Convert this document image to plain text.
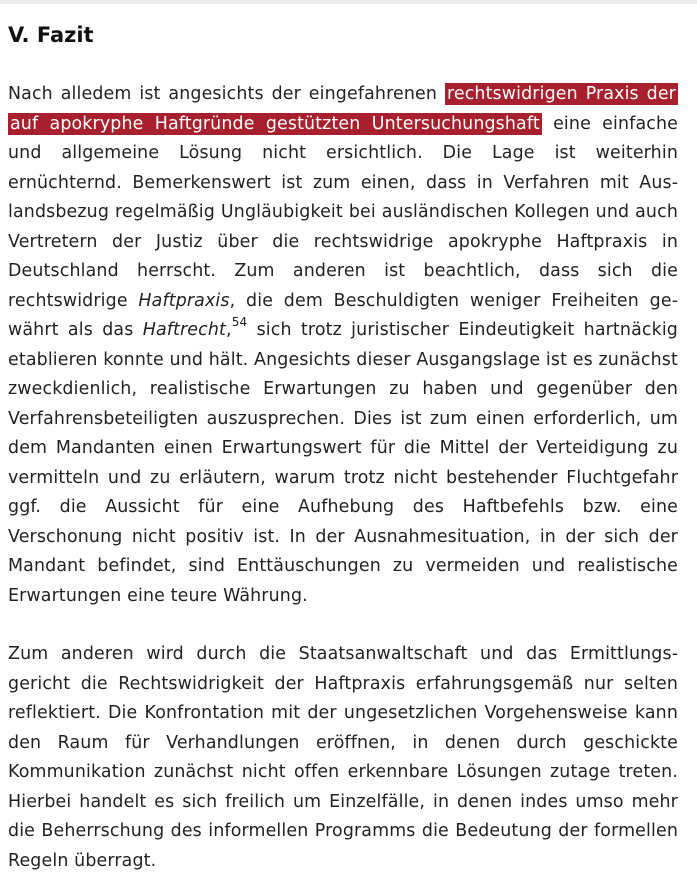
V. Fazit

Nach alledem ist angesichts der eingefahrenen rechtswidrigen Praxis der auf apokryphe Haftgründe gestützten Untersuchungshaft eine einfache und allgemeine Lösung nicht ersichtlich. Die Lage ist weiterhin ernüchternd. Bemerkenswert ist zum einen, dass in Verfahren mit Auslandsbezug regelmäßig Ungläubigkeit bei ausländischen Kollegen und auch Vertretern der Justiz über die rechtswidrige apokryphe Haftpraxis in Deutschland herrscht. Zum anderen ist beachtlich, dass sich die rechtswidrige Haftpraxis, die dem Beschuldigten weniger Freiheiten gewährt als das Haftrecht,$^{54}$ sich trotz juristischer Eindeutigkeit hartnäckig etablieren konnte und hält. Angesichts dieser Ausgangslage ist es zunächst zweckdienlich, realistische Erwartungen zu haben und gegenüber den Verfahrensbeteiligten auszusprechen. Dies ist zum einen erforderlich, um dem Mandanten einen Erwartungswert für die Mittel der Verteidigung zu vermitteln und zu erläutern, warum trotz nicht bestehender Fluchtgefahr ggf. die Aussicht für eine Aufhebung des Haftbefehls bzw. eine Verschonung nicht positiv ist. In der Ausnahmesituation, in der sich der Mandant befindet, sind Enttäuschungen zu vermeiden und realistische Erwartungen eine teure Währung.

Zum anderen wird durch die Staatsanwaltschaft und das Ermittlungsgericht die Rechtswidrigkeit der Haftpraxis erfahrungsgemäß nur selten reflektiert. Die Konfrontation mit der ungesetzlichen Vorgehensweise kann den Raum für Verhandlungen eröffnen, in denen durch geschickte Kommunikation zunächst nicht offen erkennbare Lösungen zutage treten. Hierbei handelt es sich freilich um Einzelfälle, in denen indes umso mehr die Beherrschung des informellen Programms die Bedeutung der formellen Regeln überragt.
